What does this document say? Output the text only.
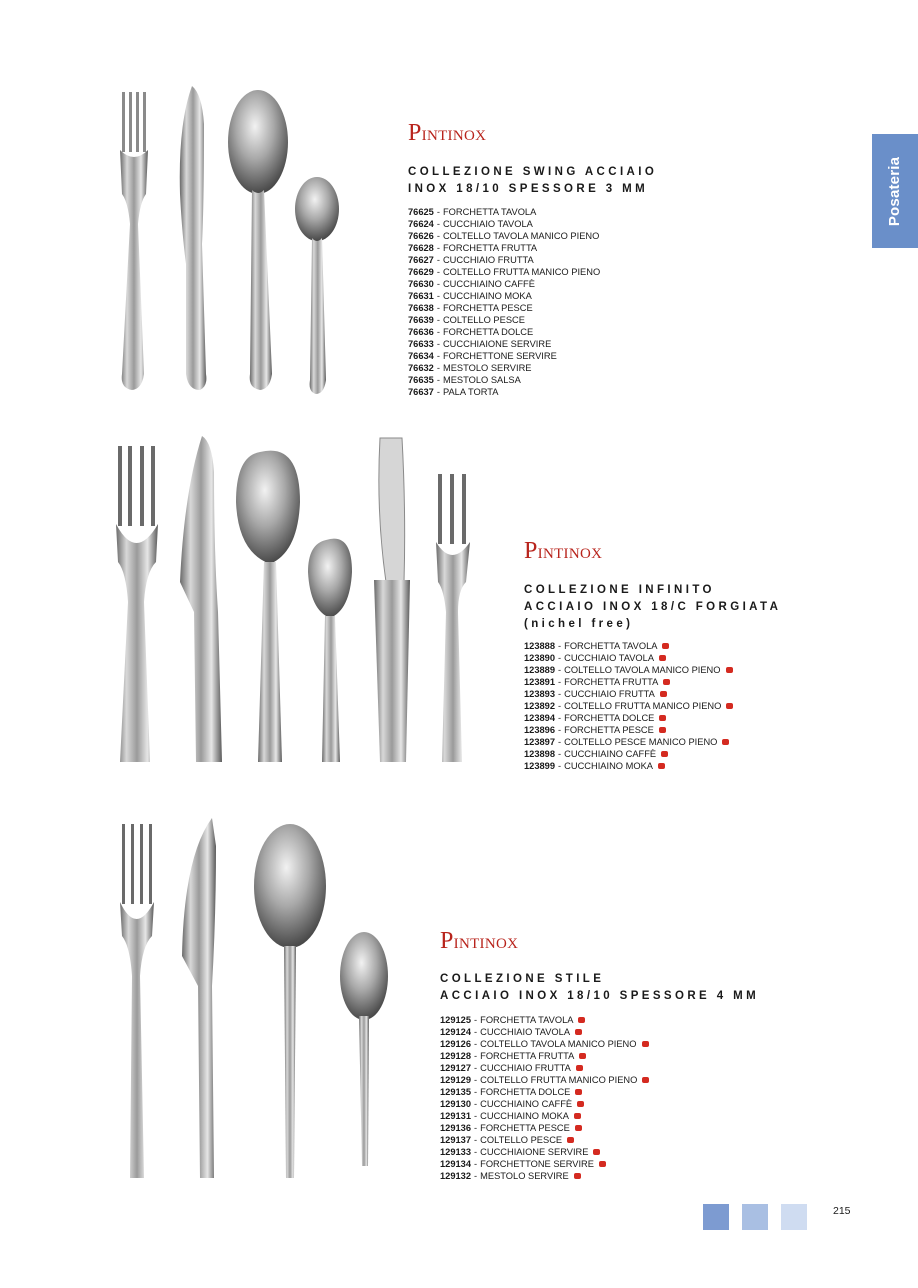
Posateria
PINTINOX
COLLEZIONE SWING ACCIAIO
INOX 18/10 SPESSORE 3 MM
76625 - FORCHETTA TAVOLA
76624 - CUCCHIAIO TAVOLA
76626 - COLTELLO TAVOLA MANICO PIENO
76628 - FORCHETTA FRUTTA
76627 - CUCCHIAIO FRUTTA
76629 - COLTELLO FRUTTA MANICO PIENO
76630 - CUCCHIAINO CAFFÈ
76631 - CUCCHIAINO MOKA
76638 - FORCHETTA PESCE
76639 - COLTELLO PESCE
76636 - FORCHETTA DOLCE
76633 - CUCCHIAIONE SERVIRE
76634 - FORCHETTONE SERVIRE
76632 - MESTOLO SERVIRE
76635 - MESTOLO SALSA
76637 - PALA TORTA
PINTINOX
COLLEZIONE INFINITO
ACCIAIO INOX 18/C FORGIATA
(nichel free)
123888 - FORCHETTA TAVOLA
123890 - CUCCHIAIO TAVOLA
123889 - COLTELLO TAVOLA MANICO PIENO
123891 - FORCHETTA FRUTTA
123893 - CUCCHIAIO FRUTTA
123892 - COLTELLO FRUTTA MANICO PIENO
123894 - FORCHETTA DOLCE
123896 - FORCHETTA PESCE
123897 - COLTELLO PESCE MANICO PIENO
123898 - CUCCHIAINO CAFFÈ
123899 - CUCCHIAINO MOKA
PINTINOX
COLLEZIONE STILE
ACCIAIO INOX 18/10 SPESSORE 4 MM
129125 - FORCHETTA TAVOLA
129124 - CUCCHIAIO TAVOLA
129126 - COLTELLO TAVOLA MANICO PIENO
129128 - FORCHETTA FRUTTA
129127 - CUCCHIAIO FRUTTA
129129 - COLTELLO FRUTTA MANICO PIENO
129135 - FORCHETTA DOLCE
129130 - CUCCHIAINO CAFFÈ
129131 - CUCCHIAINO MOKA
129136 - FORCHETTA PESCE
129137 - COLTELLO PESCE
129133 - CUCCHIAIONE SERVIRE
129134 - FORCHETTONE SERVIRE
129132 - MESTOLO SERVIRE
215
